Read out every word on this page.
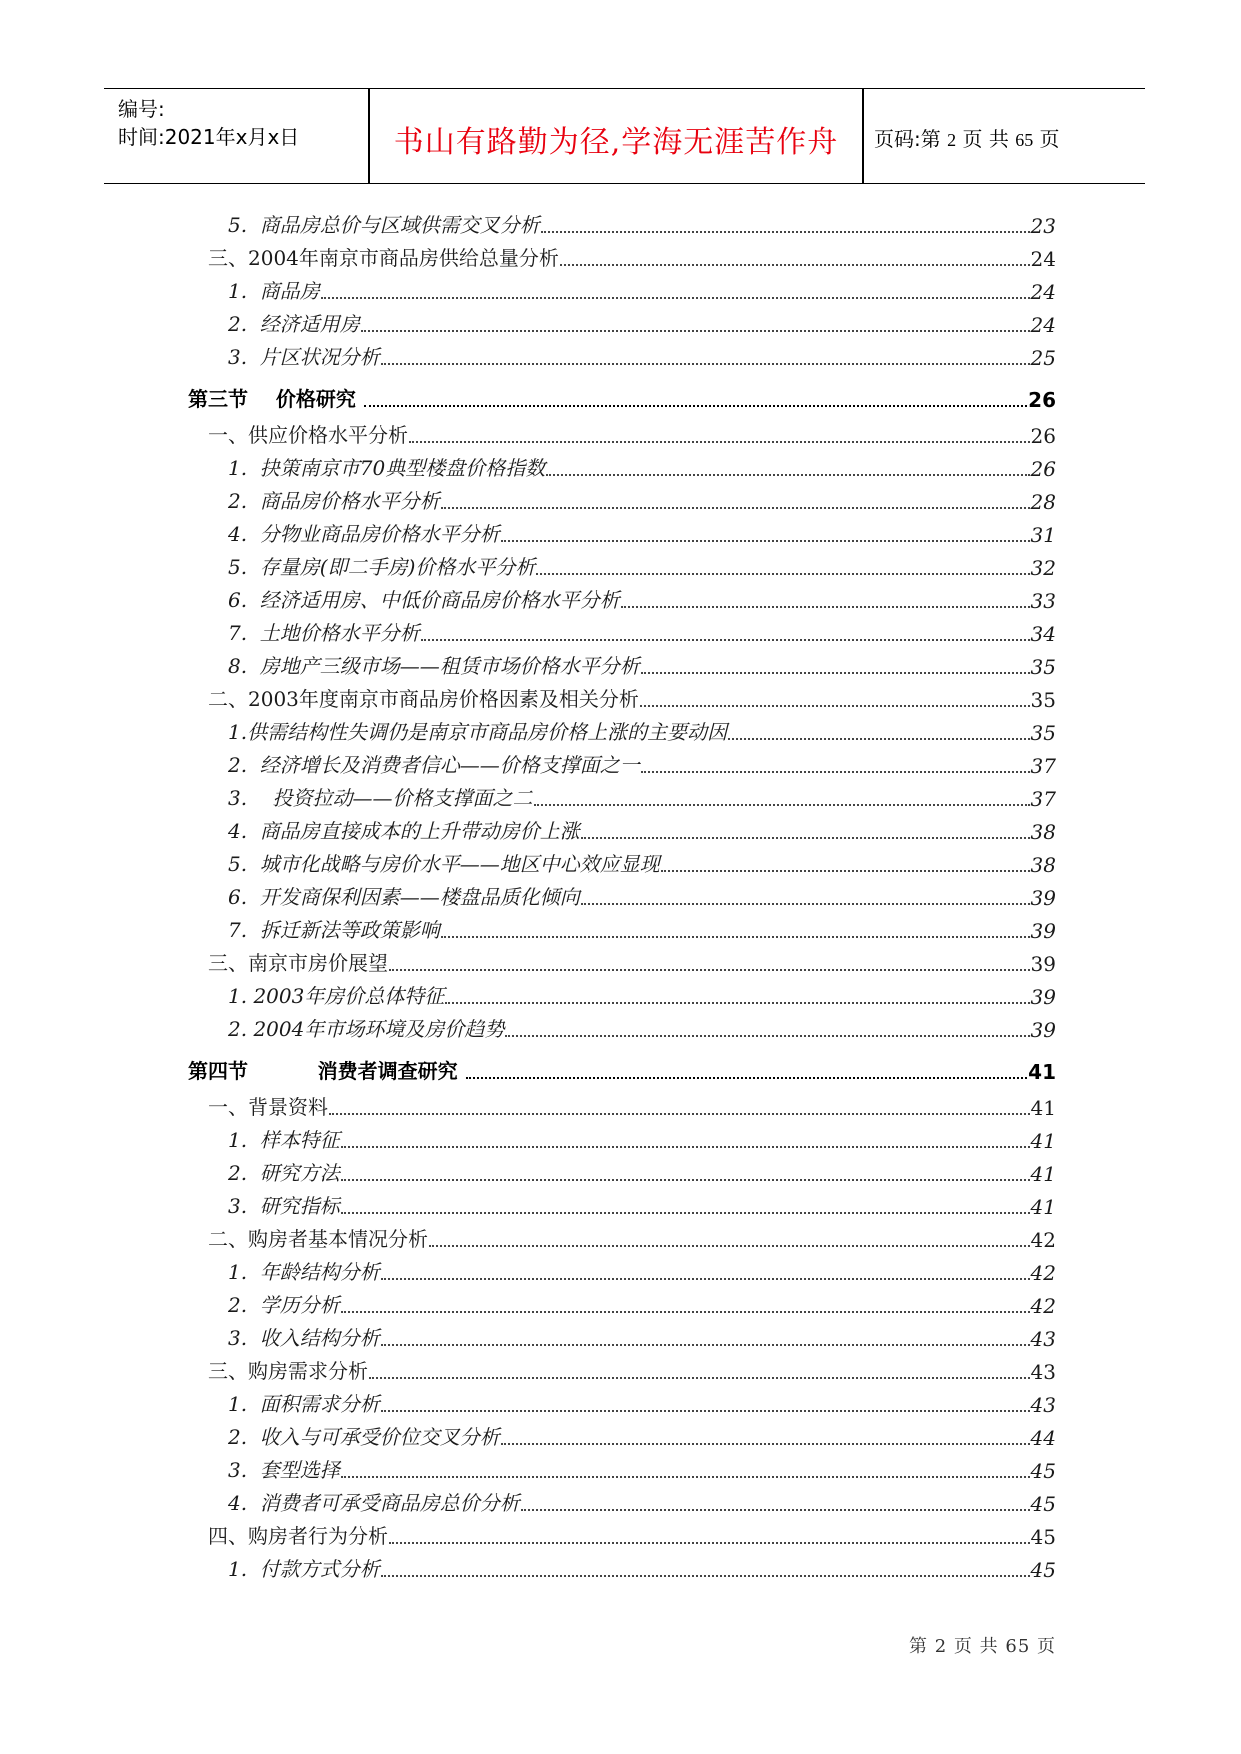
编号:
时间:2021年x月x日	书山有路勤为径,学海无涯苦作舟	页码:第 2 页 共 65 页
5.  商品房总价与区域供需交叉分析	23
三、2004年南京市商品房供给总量分析	24
1.  商品房	24
2.  经济适用房	24
3.  片区状况分析	25
第三节    价格研究	26
一、供应价格水平分析	26
1.  抉策南京市70典型楼盘价格指数	26
2.  商品房价格水平分析	28
4.  分物业商品房价格水平分析	31
5.  存量房(即二手房)价格水平分析	32
6.  经济适用房、中低价商品房价格水平分析	33
7.  土地价格水平分析	34
8.  房地产三级市场——租赁市场价格水平分析	35
二、2003年度南京市商品房价格因素及相关分析	35
1.供需结构性失调仍是南京市商品房价格上涨的主要动因	35
2.  经济增长及消费者信心——价格支撑面之一	37
3.    投资拉动——价格支撑面之二	37
4.  商品房直接成本的上升带动房价上涨	38
5.  城市化战略与房价水平——地区中心效应显现	38
6.  开发商保利因素——楼盘品质化倾向	39
7.  拆迁新法等政策影响	39
三、南京市房价展望	39
1. 2003年房价总体特征	39
2. 2004年市场环境及房价趋势	39
第四节          消费者调查研究	41
一、背景资料	41
1.  样本特征	41
2.  研究方法	41
3.  研究指标	41
二、购房者基本情况分析	42
1.  年龄结构分析	42
2.  学历分析	42
3.  收入结构分析	43
三、购房需求分析	43
1.  面积需求分析	43
2.  收入与可承受价位交叉分析	44
3.  套型选择	45
4.  消费者可承受商品房总价分析	45
四、购房者行为分析	45
1.  付款方式分析	45
第 2 页 共 65 页
